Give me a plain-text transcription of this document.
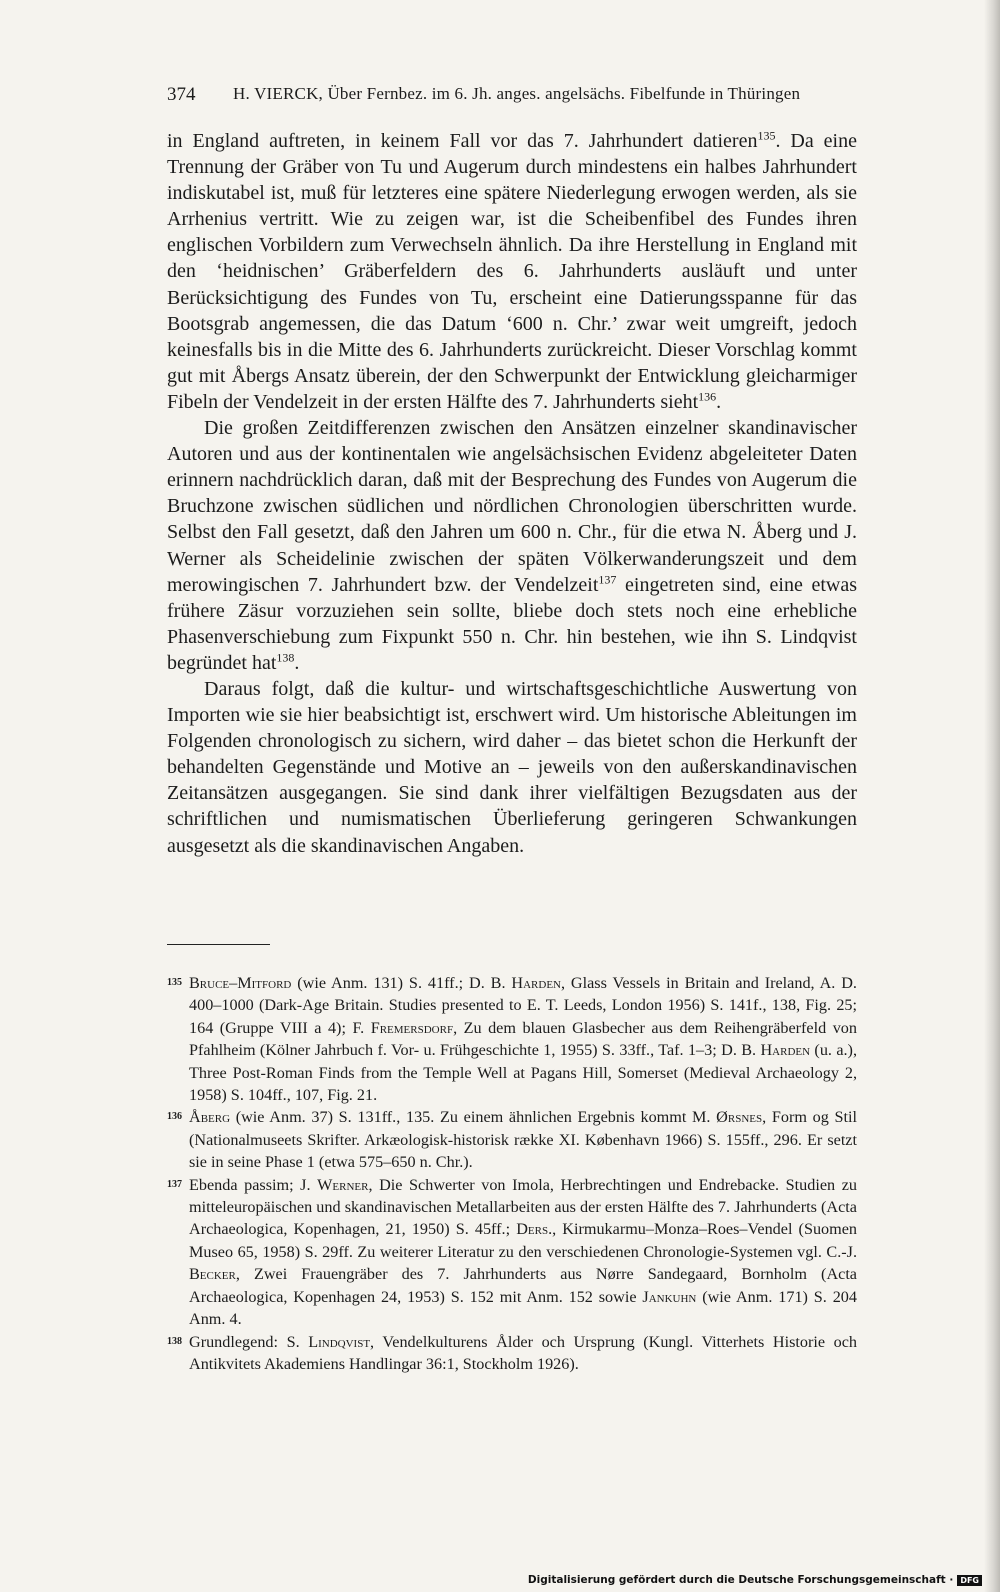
374 H. VIERCK, Über Fernbez. im 6. Jh. anges. angelsächs. Fibelfunde in Thüringen

in England auftreten, in keinem Fall vor das 7. Jahrhundert datieren$^{135}$. Da eine Trennung der Gräber von Tu und Augerum durch mindestens ein halbes Jahrhundert indiskutabel ist, muß für letzteres eine spätere Niederlegung erwogen werden, als sie Arrhenius vertritt. Wie zu zeigen war, ist die Scheibenfibel des Fundes ihren englischen Vorbildern zum Verwechseln ähnlich. Da ihre Herstellung in England mit den ‘heidnischen’ Gräberfeldern des 6. Jahrhunderts ausläuft und unter Berücksichtigung des Fundes von Tu, erscheint eine Datierungsspanne für das Bootsgrab angemessen, die das Datum ‘600 n. Chr.’ zwar weit umgreift, jedoch keinesfalls bis in die Mitte des 6. Jahrhunderts zurückreicht. Dieser Vorschlag kommt gut mit Åbergs Ansatz überein, der den Schwerpunkt der Entwicklung gleicharmiger Fibeln der Vendelzeit in der ersten Hälfte des 7. Jahrhunderts sieht$^{136}$.

Die großen Zeitdifferenzen zwischen den Ansätzen einzelner skandinavischer Autoren und aus der kontinentalen wie angelsächsischen Evidenz abgeleiteter Daten erinnern nachdrücklich daran, daß mit der Besprechung des Fundes von Augerum die Bruchzone zwischen südlichen und nördlichen Chronologien überschritten wurde. Selbst den Fall gesetzt, daß den Jahren um 600 n. Chr., für die etwa N. Åberg und J. Werner als Scheidelinie zwischen der späten Völkerwanderungszeit und dem merowingischen 7. Jahrhundert bzw. der Vendelzeit$^{137}$ eingetreten sind, eine etwas frühere Zäsur vorzuziehen sein sollte, bliebe doch stets noch eine erhebliche Phasenverschiebung zum Fixpunkt 550 n. Chr. hin bestehen, wie ihn S. Lindqvist begründet hat$^{138}$.

Daraus folgt, daß die kultur- und wirtschaftsgeschichtliche Auswertung von Importen wie sie hier beabsichtigt ist, erschwert wird. Um historische Ableitungen im Folgenden chronologisch zu sichern, wird daher – das bietet schon die Herkunft der behandelten Gegenstände und Motive an – jeweils von den außerskandinavischen Zeitansätzen ausgegangen. Sie sind dank ihrer vielfältigen Bezugsdaten aus der schriftlichen und numismatischen Überlieferung geringeren Schwankungen ausgesetzt als die skandinavischen Angaben.

135 Bruce–Mitford (wie Anm. 131) S. 41ff.; D. B. Harden, Glass Vessels in Britain and Ireland, A. D. 400–1000 (Dark-Age Britain. Studies presented to E. T. Leeds, London 1956) S. 141f., 138, Fig. 25; 164 (Gruppe VIII a 4); F. Fremersdorf, Zu dem blauen Glasbecher aus dem Reihengräberfeld von Pfahlheim (Kölner Jahrbuch f. Vor- u. Frühgeschichte 1, 1955) S. 33ff., Taf. 1–3; D. B. Harden (u. a.), Three Post-Roman Finds from the Temple Well at Pagans Hill, Somerset (Medieval Archaeology 2, 1958) S. 104ff., 107, Fig. 21.
136 Åberg (wie Anm. 37) S. 131ff., 135. Zu einem ähnlichen Ergebnis kommt M. Ørsnes, Form og Stil (Nationalmuseets Skrifter. Arkæologisk-historisk række XI. København 1966) S. 155ff., 296. Er setzt sie in seine Phase 1 (etwa 575–650 n. Chr.).
137 Ebenda passim; J. Werner, Die Schwerter von Imola, Herbrechtingen und Endrebacke. Studien zu mitteleuropäischen und skandinavischen Metallarbeiten aus der ersten Hälfte des 7. Jahrhunderts (Acta Archaeologica, Kopenhagen, 21, 1950) S. 45ff.; Ders., Kirmukarmu–Monza–Roes–Vendel (Suomen Museo 65, 1958) S. 29ff. Zu weiterer Literatur zu den verschiedenen Chronologie-Systemen vgl. C.-J. Becker, Zwei Frauengräber des 7. Jahrhunderts aus Nørre Sandegaard, Bornholm (Acta Archaeologica, Kopenhagen 24, 1953) S. 152 mit Anm. 152 sowie Jankuhn (wie Anm. 171) S. 204 Anm. 4.
138 Grundlegend: S. Lindqvist, Vendelkulturens Ålder och Ursprung (Kungl. Vitterhets Historie och Antikvitets Akademiens Handlingar 36:1, Stockholm 1926).
Digitalisierung gefördert durch die Deutsche Forschungsgemeinschaft · DFG
